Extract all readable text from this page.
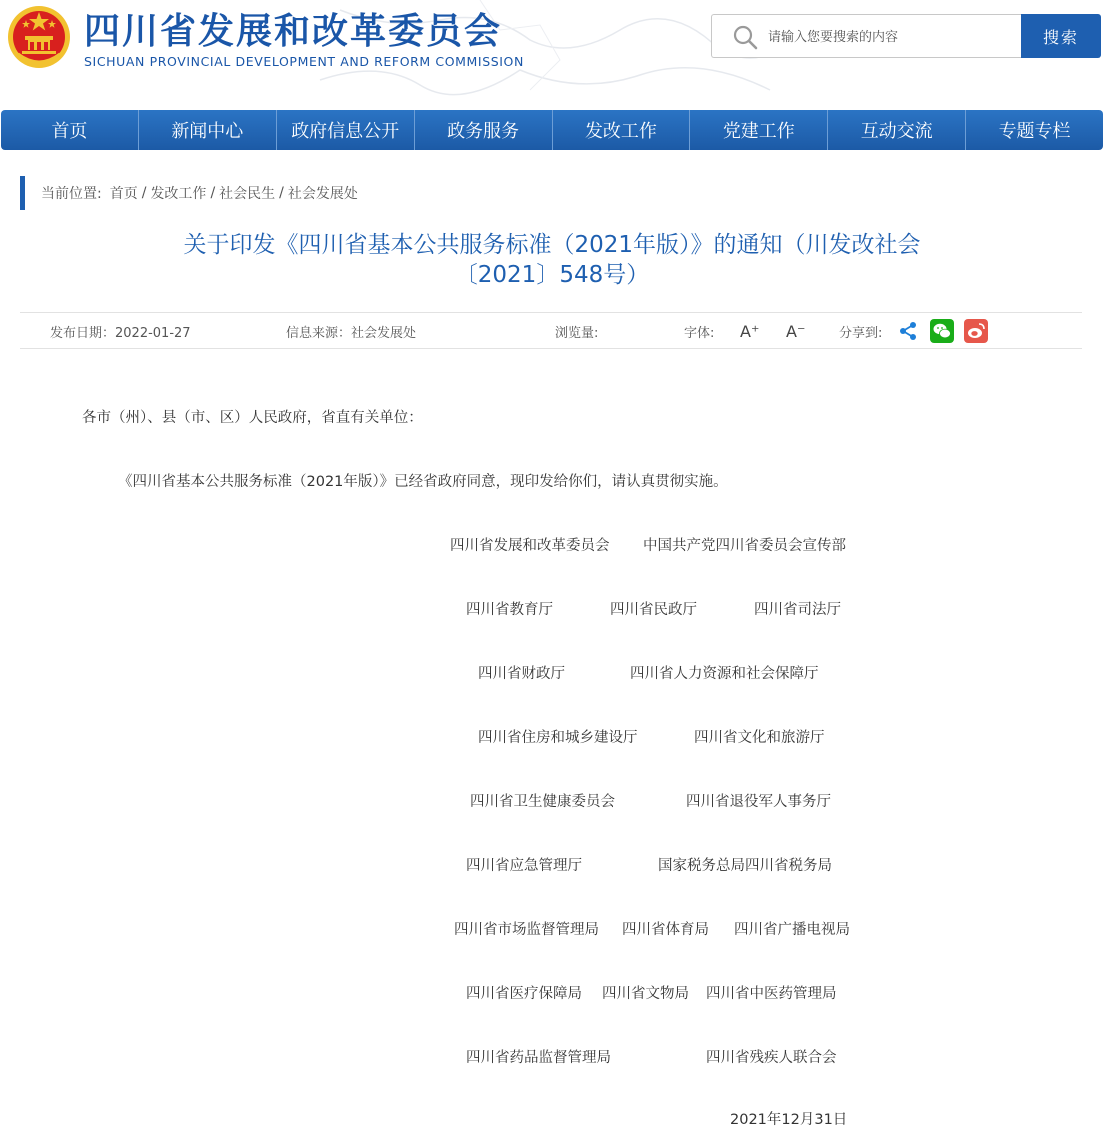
四川省发展和改革委员会
SICHUAN PROVINCIAL DEVELOPMENT AND REFORM COMMISSION
请输入您要搜索的内容
搜索
首页	新闻中心	政府信息公开	政务服务	发改工作	党建工作	互动交流	专题专栏
当前位置: 首页 / 发改工作 / 社会民生 / 社会发展处
关于印发《四川省基本公共服务标准（2021年版）》的通知（川发改社会
〔2021〕548号）
发布日期：2022-01-27	信息来源：社会发展处	浏览量:	字体: A⁺ A⁻	分享到:
各市（州）、县（市、区）人民政府，省直有关单位：
《四川省基本公共服务标准（2021年版）》已经省政府同意，现印发给你们，请认真贯彻实施。
四川省发展和改革委员会 中国共产党四川省委员会宣传部
四川省教育厅	四川省民政厅	四川省司法厅
四川省财政厅	四川省人力资源和社会保障厅
四川省住房和城乡建设厅	四川省文化和旅游厅
四川省卫生健康委员会	四川省退役军人事务厅
四川省应急管理厅	国家税务总局四川省税务局
四川省市场监督管理局 四川省体育局 四川省广播电视局
四川省医疗保障局 四川省文物局 四川省中医药管理局
四川省药品监督管理局	四川省残疾人联合会
2021年12月31日
